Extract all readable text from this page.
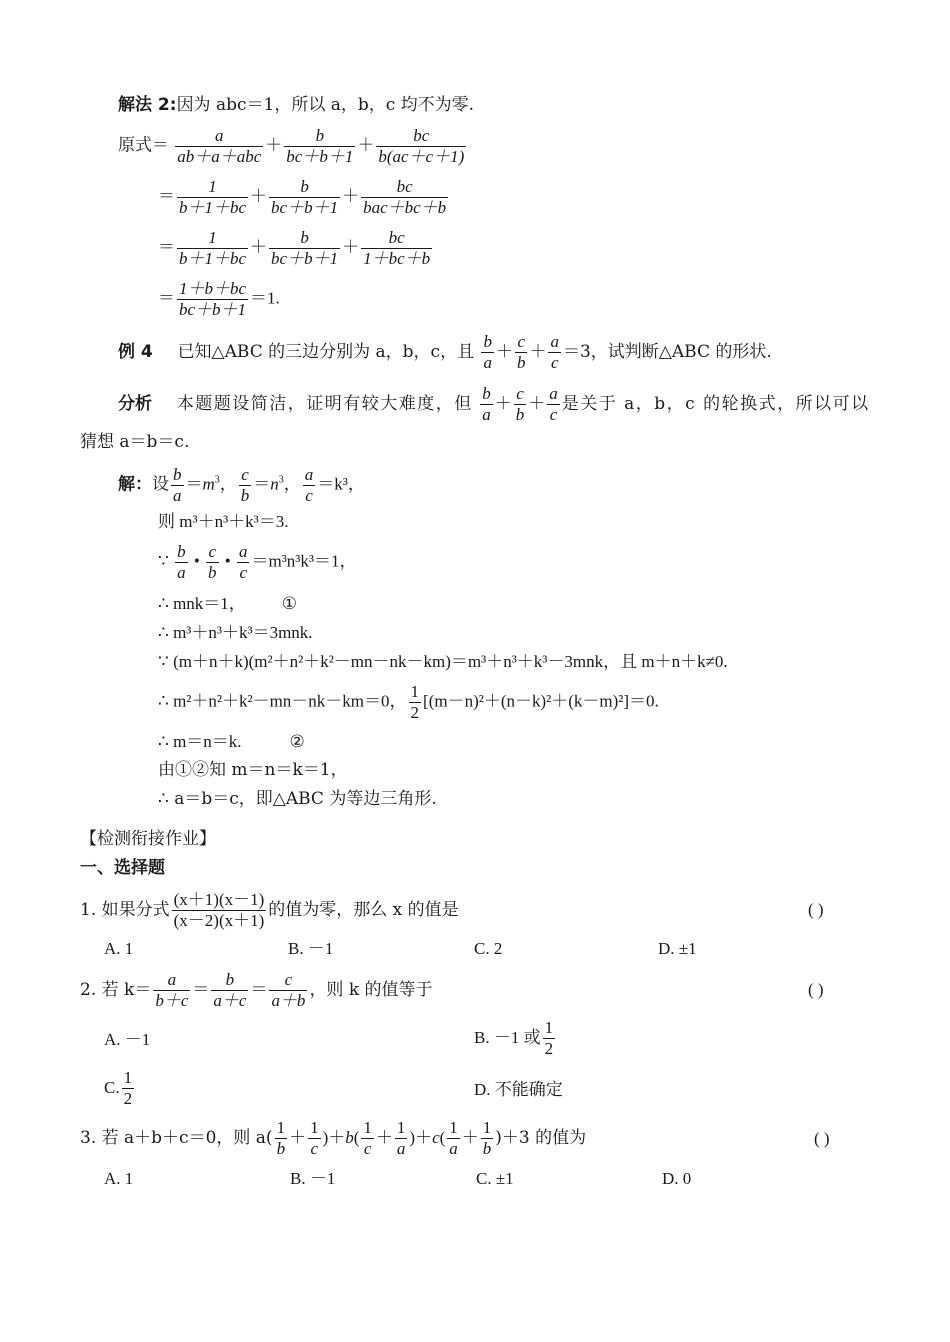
解法 2:因为 abc＝1，所以 a，b，c 均不为零.
原式＝ $\frac{a}{\text{ab＋a＋abc}} + \frac{b}{bc+b+1} + \frac{bc}{b(ac+c+1)}$
＝ $\frac{1}{b+1+bc} + \frac{b}{bc+b+1} + \frac{bc}{\text{bac＋bc＋b}}$
＝ $\frac{1}{b+1+bc} + \frac{b}{bc+b+1} + \frac{bc}{1+bc+b}$
＝ $\frac{1+b+bc}{bc+b+1} =1$.
例 4 已知△ABC 的三边分别为 a，b，c，且 $\frac{b}{a} + \frac{c}{b} + \frac{a}{c} =3$，试判断△ABC 的形状.
分析 本题题设简洁，证明有较大难度，但 $\frac{b}{a} + \frac{c}{b} + \frac{a}{c}$ 是关于 a，b，c 的轮换式，所以可以
猜想 a＝b＝c.
解：设 $\frac{b}{a} =m^3$， $\frac{c}{b} =n^3$， $\frac{a}{c} =k^3$，
则 m³＋n³＋k³＝3.
∵ $\frac{b}{a}$ • $\frac{c}{b}$ • $\frac{a}{c} =m^3n^3k^3=1$，
∴ mnk＝1， ①
∴ m³＋n³＋k³＝3mnk.
∵ (m＋n＋k)(m²＋n²＋k²－mn－nk－km)＝m³＋n³＋k³－3mnk，且 m＋n＋k≠0.
∴ m²＋n²＋k²－mn－nk－km＝0， $\frac{1}{2} [(m-n)^2+(n-k)^2+(k-m)^2]=0$.
∴ m＝n＝k.	②
由①②知 m＝n＝k＝1，
∴ a＝b＝c，即△ABC 为等边三角形.
【检测衔接作业】
一、选择题
1. 如果分式 $\frac{(x+1)(x-1)}{(x-2)(x+1)}$ 的值为零，那么 x 的值是	( )
A. 1	B. －1	C. 2	D. ±1
2. 若 $k= \frac{a}{b+c} = \frac{b}{a+c} = \frac{c}{a+b}$ ，则 k 的值等于	( )
A. －1	B. －1 或 $\frac{1}{2}$
C. $\frac{1}{2}$	D. 不能确定
3. 若 a＋b＋c＝0，则 $a( \frac{1}{b} + \frac{1}{c} )+b( \frac{1}{c} + \frac{1}{a} )+c( \frac{1}{a} + \frac{1}{b} )+3$ 的值为	( )
A. 1	B. －1	C. ±1	D. 0
